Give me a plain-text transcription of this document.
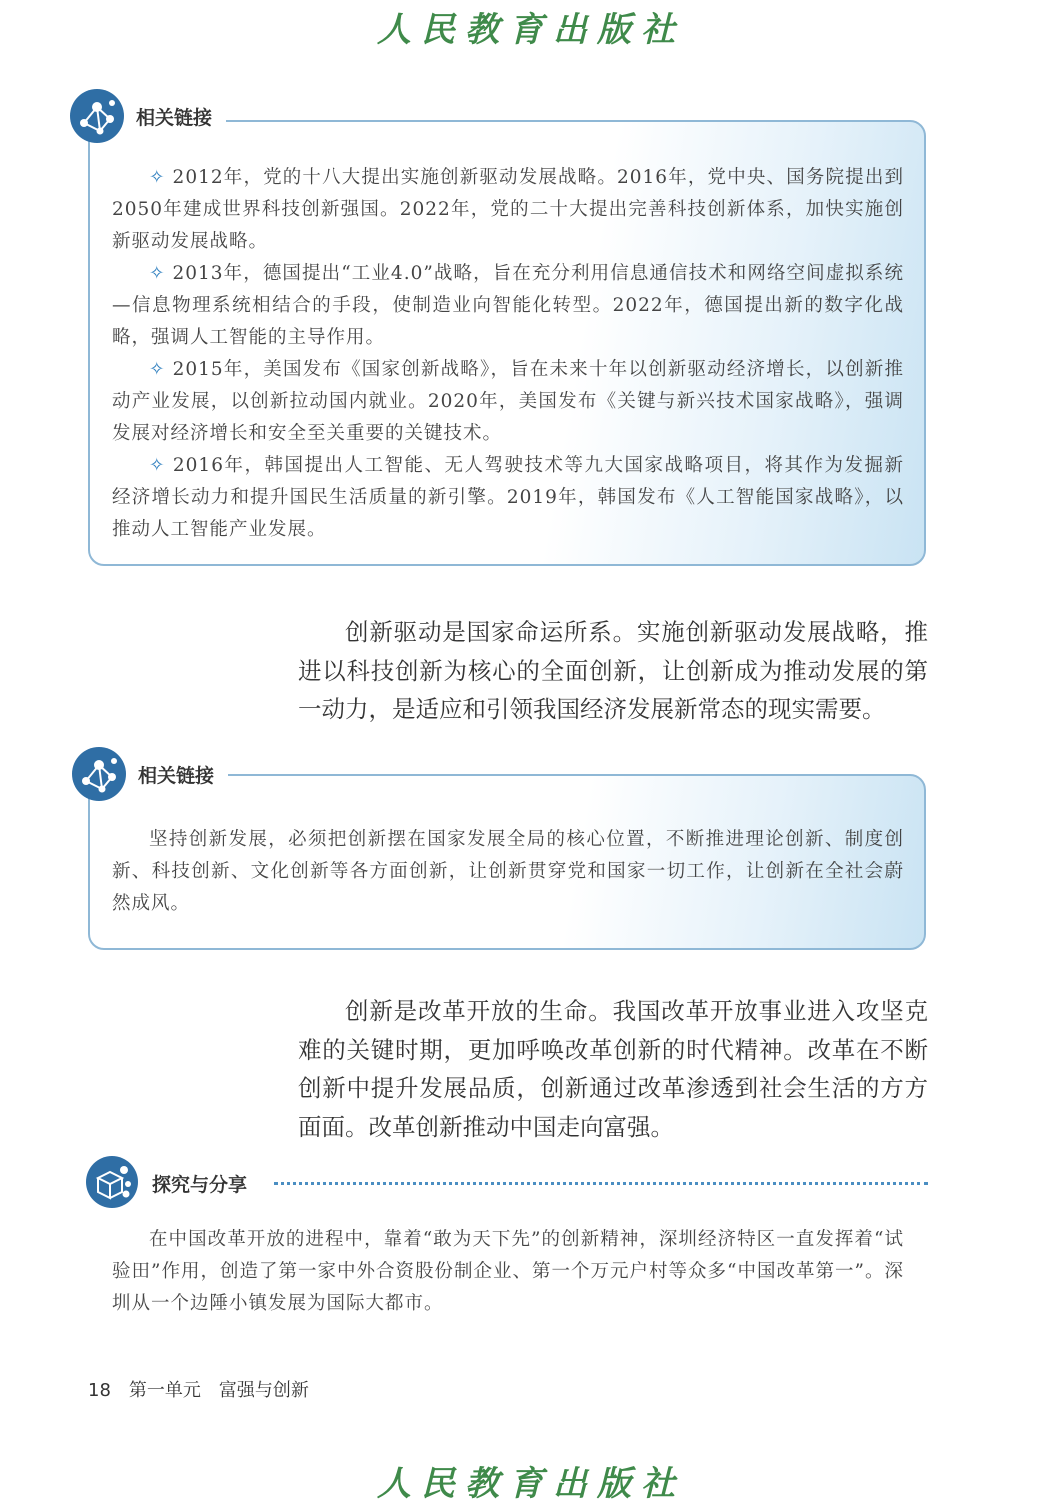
人民教育出版社

✧ 2012年，党的十八大提出实施创新驱动发展战略。2016年，党中央、国务院提出到2050年建成世界科技创新强国。2022年，党的二十大提出完善科技创新体系，加快实施创新驱动发展战略。

✧ 2013年，德国提出“工业4.0”战略，旨在充分利用信息通信技术和网络空间虚拟系统—信息物理系统相结合的手段，使制造业向智能化转型。2022年，德国提出新的数字化战略，强调人工智能的主导作用。

✧ 2015年，美国发布《国家创新战略》，旨在未来十年以创新驱动经济增长，以创新推动产业发展，以创新拉动国内就业。2020年，美国发布《关键与新兴技术国家战略》，强调发展对经济增长和安全至关重要的关键技术。

✧ 2016年，韩国提出人工智能、无人驾驶技术等九大国家战略项目，将其作为发掘新经济增长动力和提升国民生活质量的新引擎。2019年，韩国发布《人工智能国家战略》，以推动人工智能产业发展。

相关链接

创新驱动是国家命运所系。实施创新驱动发展战略，推进以科技创新为核心的全面创新，让创新成为推动发展的第一动力，是适应和引领我国经济发展新常态的现实需要。

坚持创新发展，必须把创新摆在国家发展全局的核心位置，不断推进理论创新、制度创新、科技创新、文化创新等各方面创新，让创新贯穿党和国家一切工作，让创新在全社会蔚然成风。

相关链接

创新是改革开放的生命。我国改革开放事业进入攻坚克难的关键时期，更加呼唤改革创新的时代精神。改革在不断创新中提升发展品质，创新通过改革渗透到社会生活的方方面面。改革创新推动中国走向富强。

探究与分享

在中国改革开放的进程中，靠着“敢为天下先”的创新精神，深圳经济特区一直发挥着“试验田”作用，创造了第一家中外合资股份制企业、第一个万元户村等众多“中国改革第一”。深圳从一个边陲小镇发展为国际大都市。

18 第一单元 富强与创新
人民教育出版社
